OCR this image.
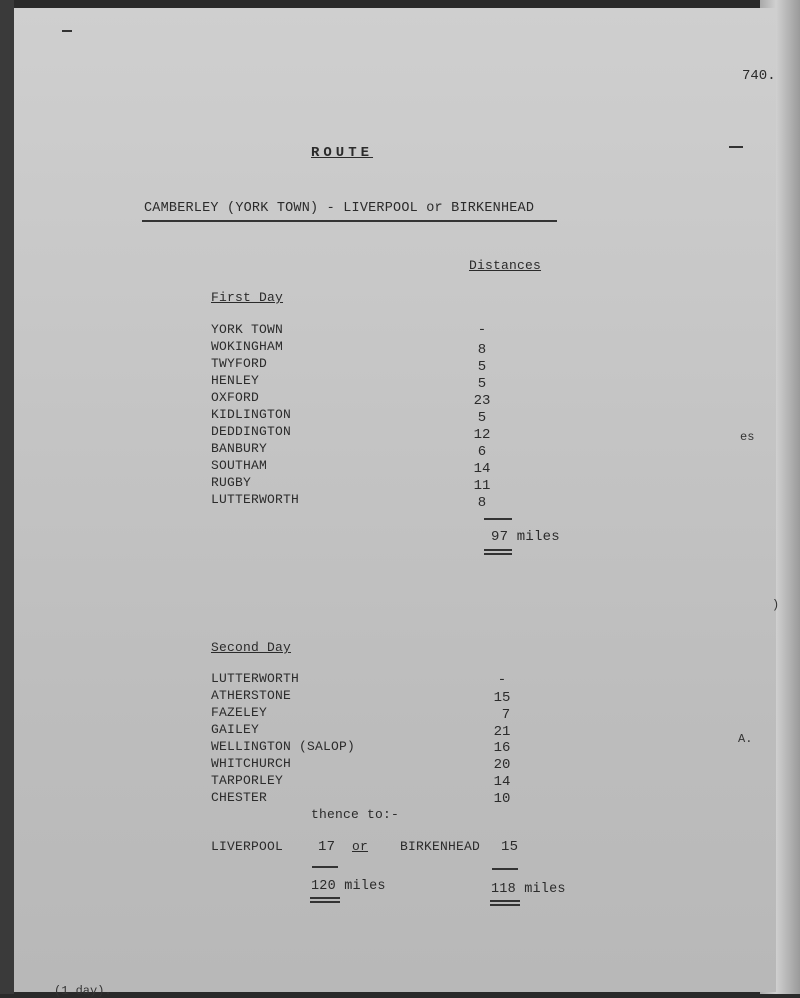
740.
ROUTE
CAMBERLEY (YORK TOWN) - LIVERPOOL or BIRKENHEAD
Distances
First Day
YORK TOWN	-
WOKINGHAM	8
TWYFORD	5
HENLEY	5
OXFORD	23
KIDLINGTON	5
DEDDINGTON	12
BANBURY	6
SOUTHAM	14
RUGBY	11
LUTTERWORTH	8
97 miles
Second Day
LUTTERWORTH	-
ATHERSTONE	15
FAZELEY	7
GAILEY	21
WELLINGTON (SALOP)	16
WHITCHURCH	20
TARPORLEY	14
CHESTER	10
thence to:-
LIVERPOOL 17 or BIRKENHEAD 15
120 miles	118 miles
(1 day).
es
)
A.
